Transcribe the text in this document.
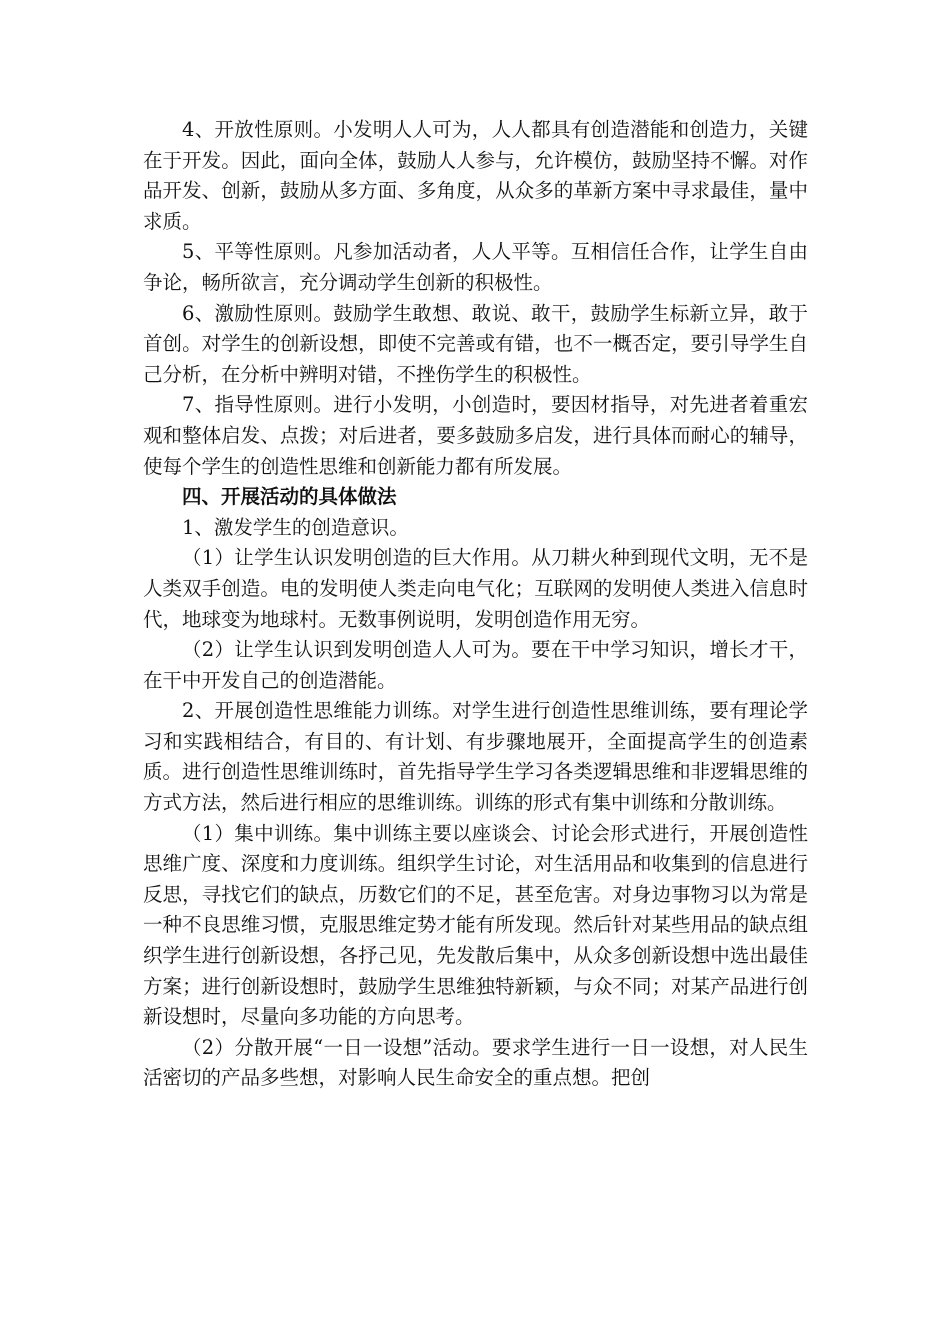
4、开放性原则。小发明人人可为，人人都具有创造潜能和创造力，关键在于开发。因此，面向全体，鼓励人人参与，允许模仿，鼓励坚持不懈。对作品开发、创新，鼓励从多方面、多角度，从众多的革新方案中寻求最佳，量中求质。

5、平等性原则。凡参加活动者，人人平等。互相信任合作，让学生自由争论，畅所欲言，充分调动学生创新的积极性。

6、激励性原则。鼓励学生敢想、敢说、敢干，鼓励学生标新立异，敢于首创。对学生的创新设想，即使不完善或有错，也不一概否定，要引导学生自己分析，在分析中辨明对错，不挫伤学生的积极性。

7、指导性原则。进行小发明，小创造时，要因材指导，对先进者着重宏观和整体启发、点拨；对后进者，要多鼓励多启发，进行具体而耐心的辅导，使每个学生的创造性思维和创新能力都有所发展。

四、开展活动的具体做法

1、激发学生的创造意识。

（1）让学生认识发明创造的巨大作用。从刀耕火种到现代文明，无不是人类双手创造。电的发明使人类走向电气化；互联网的发明使人类进入信息时代，地球变为地球村。无数事例说明，发明创造作用无穷。

（2）让学生认识到发明创造人人可为。要在干中学习知识，增长才干，在干中开发自己的创造潜能。

2、开展创造性思维能力训练。对学生进行创造性思维训练，要有理论学习和实践相结合，有目的、有计划、有步骤地展开，全面提高学生的创造素质。进行创造性思维训练时，首先指导学生学习各类逻辑思维和非逻辑思维的方式方法，然后进行相应的思维训练。训练的形式有集中训练和分散训练。

（1）集中训练。集中训练主要以座谈会、讨论会形式进行，开展创造性思维广度、深度和力度训练。组织学生讨论，对生活用品和收集到的信息进行反思，寻找它们的缺点，历数它们的不足，甚至危害。对身边事物习以为常是一种不良思维习惯，克服思维定势才能有所发现。然后针对某些用品的缺点组织学生进行创新设想，各抒己见，先发散后集中，从众多创新设想中选出最佳方案；进行创新设想时，鼓励学生思维独特新颖，与众不同；对某产品进行创新设想时，尽量向多功能的方向思考。

（2）分散开展“一日一设想”活动。要求学生进行一日一设想，对人民生活密切的产品多些想，对影响人民生命安全的重点想。把创
